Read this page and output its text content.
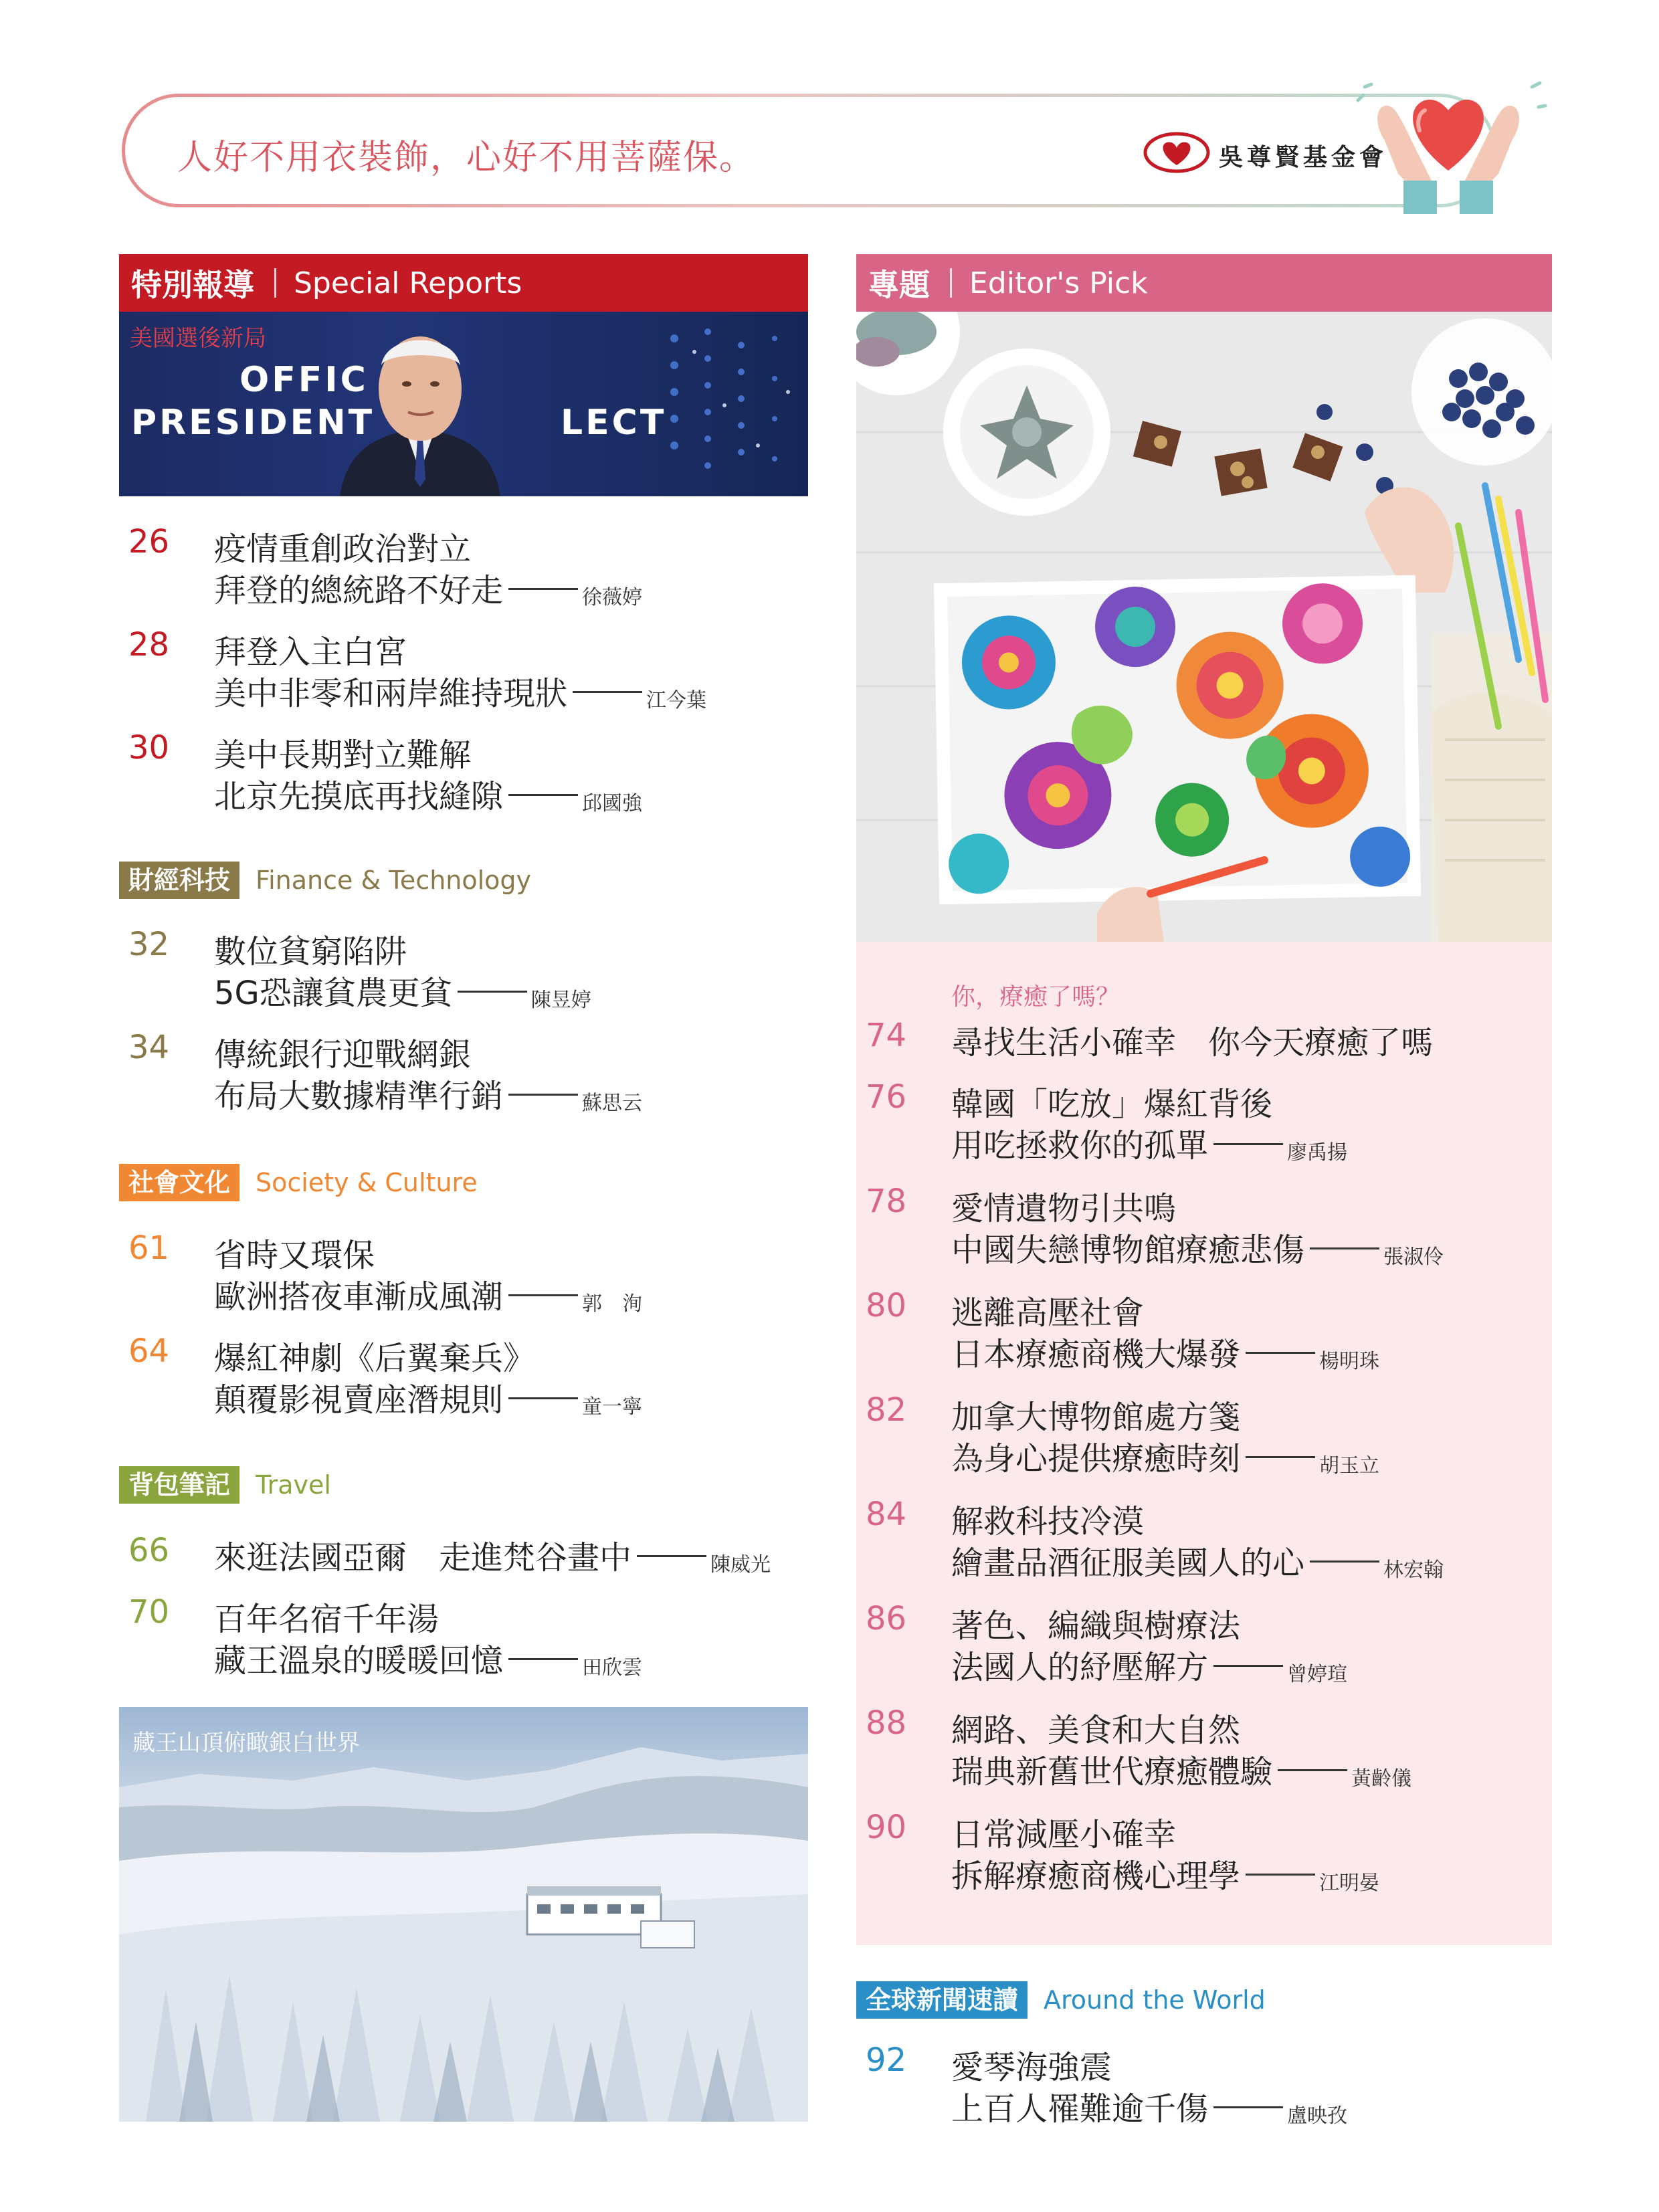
人好不用衣裝飾，心好不用菩薩保。	吳尊賢基金會
特別報導 Special Reports
美國選後新局
OFFIC
PRESIDENT	LECT
26 疫情重創政治對立
拜登的總統路不好走	徐薇婷
28 拜登入主白宮
美中非零和兩岸維持現狀	江今葉
30 美中長期對立難解
北京先摸底再找縫隙	邱國強
財經科技	Finance & Technology
32 數位貧窮陷阱
5G恐讓貧農更貧	陳昱婷
34 傳統銀行迎戰網銀
布局大數據精準行銷	蘇思云
社會文化	Society & Culture
61 省時又環保
歐洲搭夜車漸成風潮	郭　洵
64 爆紅神劇《后翼棄兵》
顛覆影視賣座潛規則	童一寧
背包筆記	Travel
66 來逛法國亞爾　走進梵谷畫中	陳威光
70 百年名宿千年湯
藏王溫泉的暖暖回憶	田欣雲
藏王山頂俯瞰銀白世界
專題 Editor's Pick
你，療癒了嗎？
74 尋找生活小確幸　你今天療癒了嗎
76 韓國「吃放」爆紅背後
用吃拯救你的孤單	廖禹揚
78 愛情遺物引共鳴
中國失戀博物館療癒悲傷	張淑伶
80 逃離高壓社會
日本療癒商機大爆發	楊明珠
82 加拿大博物館處方箋
為身心提供療癒時刻	胡玉立
84 解救科技冷漠
繪畫品酒征服美國人的心	林宏翰
86 著色、編織與樹療法
法國人的紓壓解方	曾婷瑄
88 網路、美食和大自然
瑞典新舊世代療癒體驗	黃齡儀
90 日常減壓小確幸
拆解療癒商機心理學	江明晏
全球新聞速讀	Around the World
92 愛琴海強震
上百人罹難逾千傷	盧映孜
